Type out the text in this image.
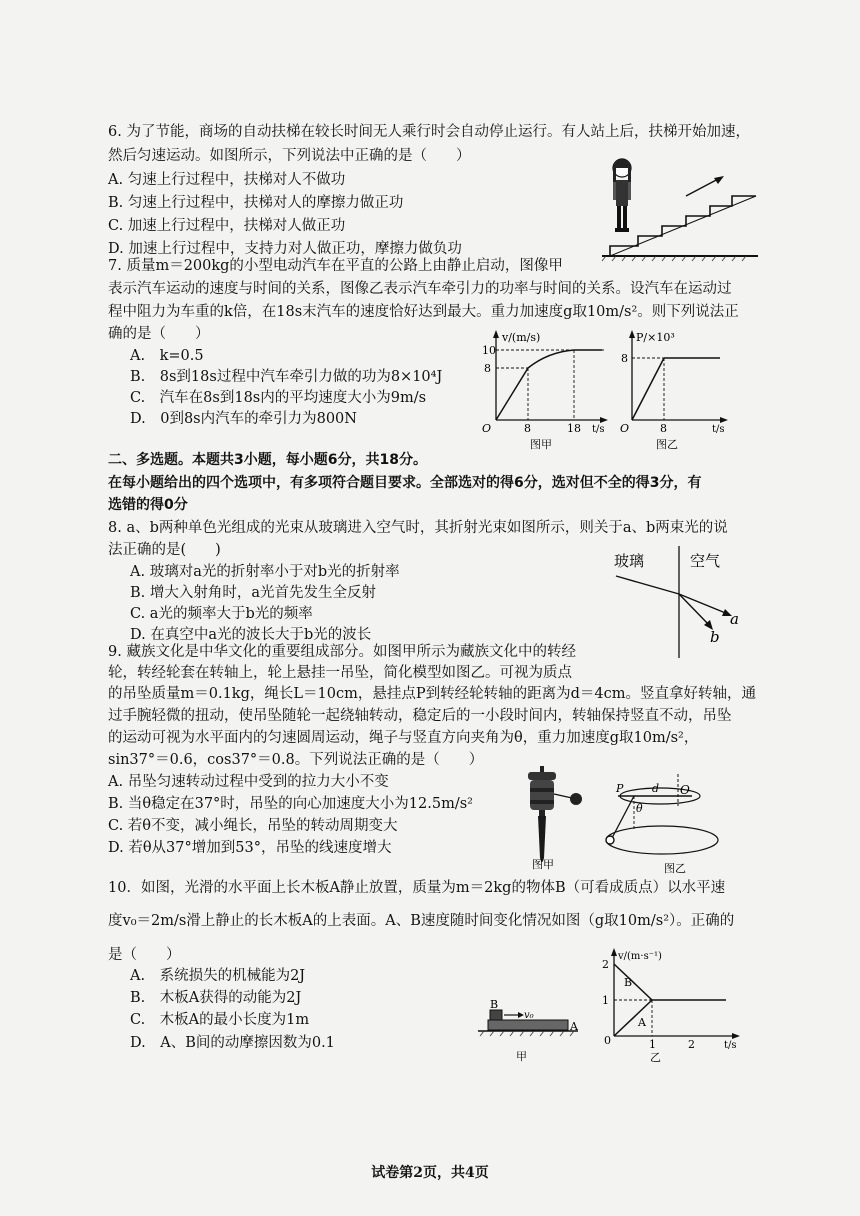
6. 为了节能，商场的自动扶梯在较长时间无人乘行时会自动停止运行。有人站上后，扶梯开始加速，
然后匀速运动。如图所示，下列说法中正确的是（　　）
A. 匀速上行过程中，扶梯对人不做功
B. 匀速上行过程中，扶梯对人的摩擦力做正功
C. 加速上行过程中，扶梯对人做正功
D. 加速上行过程中，支持力对人做正功，摩擦力做负功
7. 质量m＝200kg的小型电动汽车在平直的公路上由静止启动，图像甲
表示汽车运动的速度与时间的关系，图像乙表示汽车牵引力的功率与时间的关系。设汽车在运动过
程中阻力为车重的k倍，在18s末汽车的速度恰好达到最大。重力加速度g取10m/s²。则下列说法正
确的是（　　）
A.　k=0.5
B.　8s到18s过程中汽车牵引力做的功为8×10⁴J
C.　汽车在8s到18s内的平均速度大小为9m/s
D.　0到8s内汽车的牵引力为800N
v/(m/s)
10
8
O	8	18 t/s
图甲
P/×10³
8
O	8	t/s
图乙
二、多选题。本题共3小题，每小题6分，共18分。
在每小题给出的四个选项中，有多项符合题目要求。全部选对的得6分，选对但不全的得3分，有
选错的得0分
8. a、b两种单色光组成的光束从玻璃进入空气时，其折射光束如图所示，则关于a、b两束光的说
法正确的是(　　)
A. 玻璃对a光的折射率小于对b光的折射率
B. 增大入射角时，a光首先发生全反射
C. a光的频率大于b光的频率
D. 在真空中a光的波长大于b光的波长
玻璃	空气
a
b
9. 藏族文化是中华文化的重要组成部分。如图甲所示为藏族文化中的转经
轮，转经轮套在转轴上，轮上悬挂一吊坠，简化模型如图乙。可视为质点
的吊坠质量m＝0.1kg，绳长L＝10cm，悬挂点P到转经轮转轴的距离为d＝4cm。竖直拿好转轴，通
过手腕轻微的扭动，使吊坠随轮一起绕轴转动，稳定后的一小段时间内，转轴保持竖直不动，吊坠
的运动可视为水平面内的匀速圆周运动，绳子与竖直方向夹角为θ，重力加速度g取10m/s²，
sin37°＝0.6，cos37°＝0.8。下列说法正确的是（　　）
A. 吊坠匀速转动过程中受到的拉力大小不变
B. 当θ稳定在37°时，吊坠的向心加速度大小为12.5m/s²
C. 若θ不变，减小绳长，吊坠的转动周期变大
D. 若θ从37°增加到53°，吊坠的线速度增大
图甲
P	d O
θ
图乙
10．如图，光滑的水平面上长木板A静止放置，质量为m＝2kg的物体B（可看成质点）以水平速
度v₀＝2m/s滑上静止的长木板A的上表面。A、B速度随时间变化情况如图（g取10m/s²）。正确的
是（　　）
A.　系统损失的机械能为2J
B.　木板A获得的动能为2J
C.　木板A的最小长度为1m
D.　A、B间的动摩擦因数为0.1
B
v₀
A
甲
v/(m·s⁻¹)
2
1
B
A
0	1	2	t/s
乙
试卷第2页，共4页
